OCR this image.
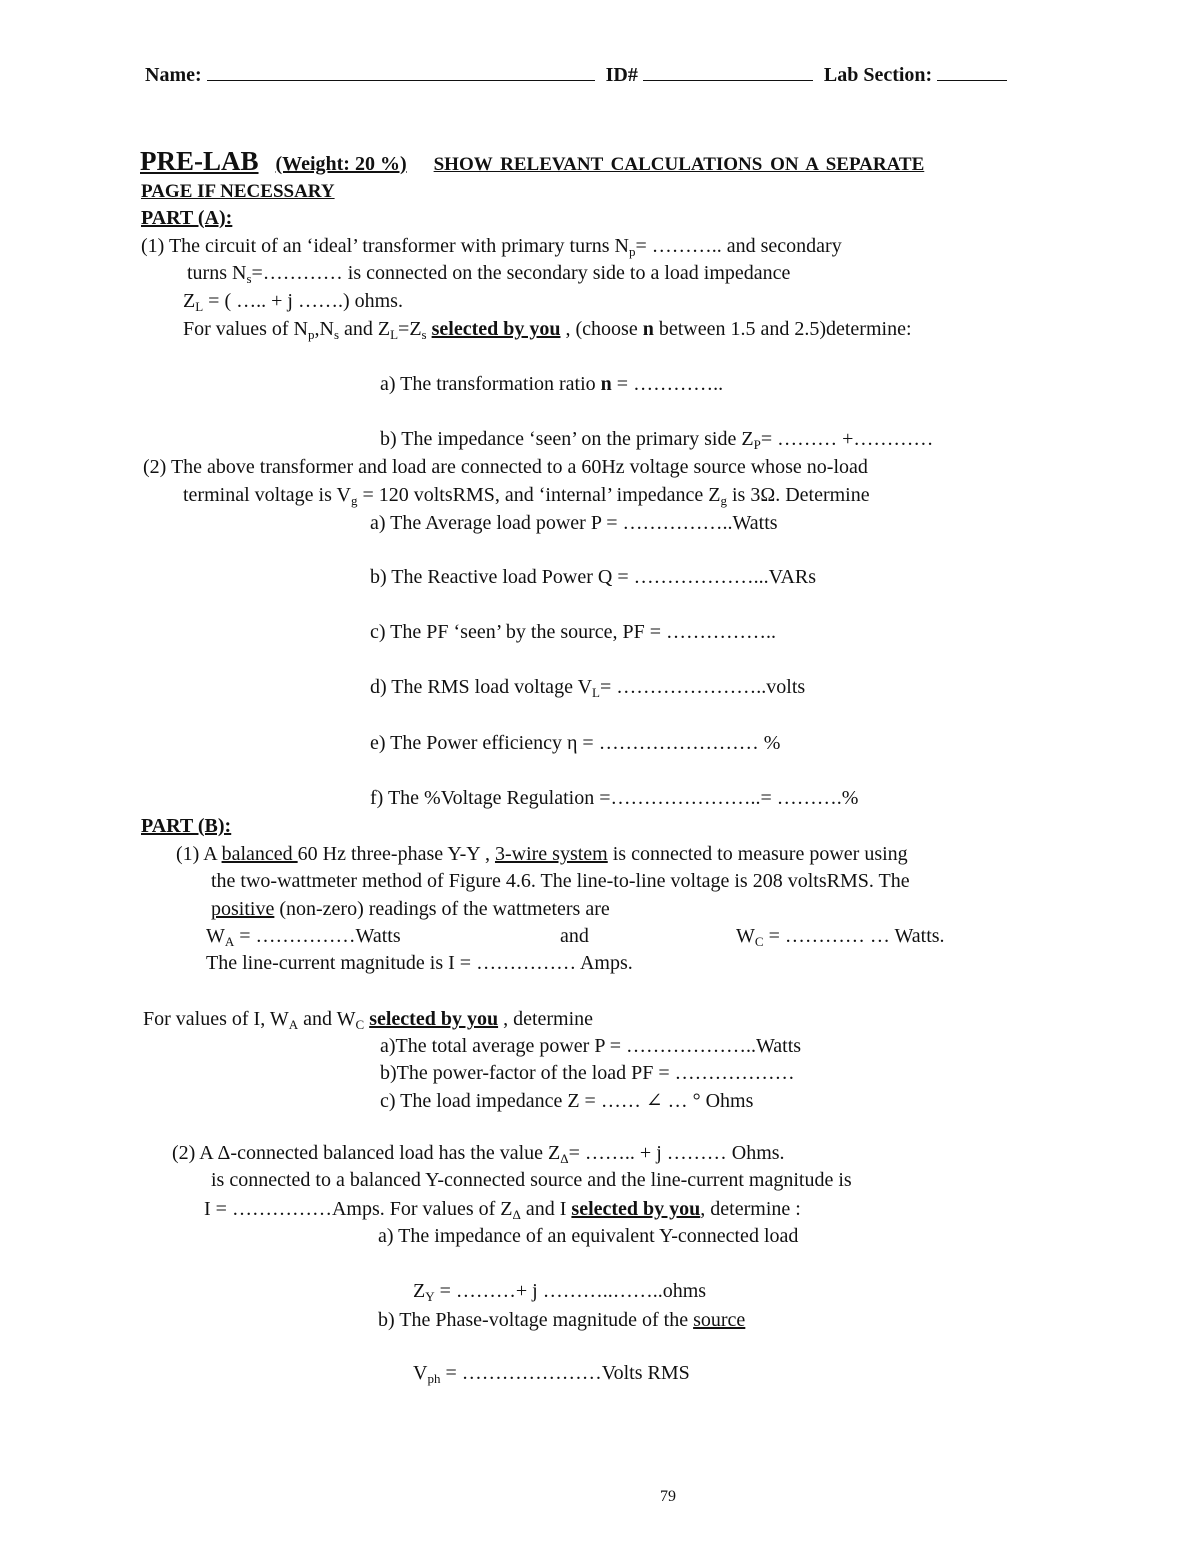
Name:	ID#	Lab Section:
PRE-LAB (Weight: 20 %) SHOW RELEVANT CALCULATIONS ON A SEPARATE
PAGE IF NECESSARY
PART (A):
(1) The circuit of an ‘ideal’ transformer with primary turns $N_p=$ ……….. and secondary
turns $N_s=\dots\dots\dots\dots$ is connected on the secondary side to a load impedance
$Z_L$ = ( ….. + j …….) ohms.
For values of $N_p,N_s$ and $Z_L=Z_s$ selected by you , (choose n between 1.5 and 2.5)determine:
a) The transformation ratio n = …………..
b) The impedance ‘seen’ on the primary side $Z_P=$ ……… +…………
(2) The above transformer and load are connected to a 60Hz voltage source whose no-load
terminal voltage is $V_g = 120$ voltsRMS, and ‘internal’ impedance $Z_g$ is 3Ω. Determine
a) The Average load power P = ……………..Watts
b) The Reactive load Power Q = ………………...VARs
c) The PF ‘seen’ by the source, PF = ……………..
d) The RMS load voltage $V_L=$ …………………..volts
e) The Power efficiency η = …………………… %
f) The %Voltage Regulation =…………………..= ……….%
PART (B):
(1) A balanced 60 Hz three-phase Y-Y , 3-wire system is connected to measure power using
the two-wattmeter method of Figure 4.6. The line-to-line voltage is 208 voltsRMS. The
positive (non-zero) readings of the wattmeters are
$W_A$ = ……………Watts	and	$W_C$ = ………… … Watts.
The line-current magnitude is I = …………… Amps.
For values of I, $W_A$ and $W_C$ selected by you , determine
a)The total average power P = ………………..Watts
b)The power-factor of the load PF = ………………
c) The load impedance Z = …… ∠ … ° Ohms
(2) A Δ-connected balanced load has the value $Z_\Delta=$ …….. + j ……… Ohms.
is connected to a balanced Y-connected source and the line-current magnitude is
I = ……………Amps. For values of $Z_\Delta$ and I selected by you, determine :
a) The impedance of an equivalent Y-connected load
$Z_Y$ = ………+ j ………..……..ohms
b) The Phase-voltage magnitude of the source
$V_{ph}$ = …………………Volts RMS
79
